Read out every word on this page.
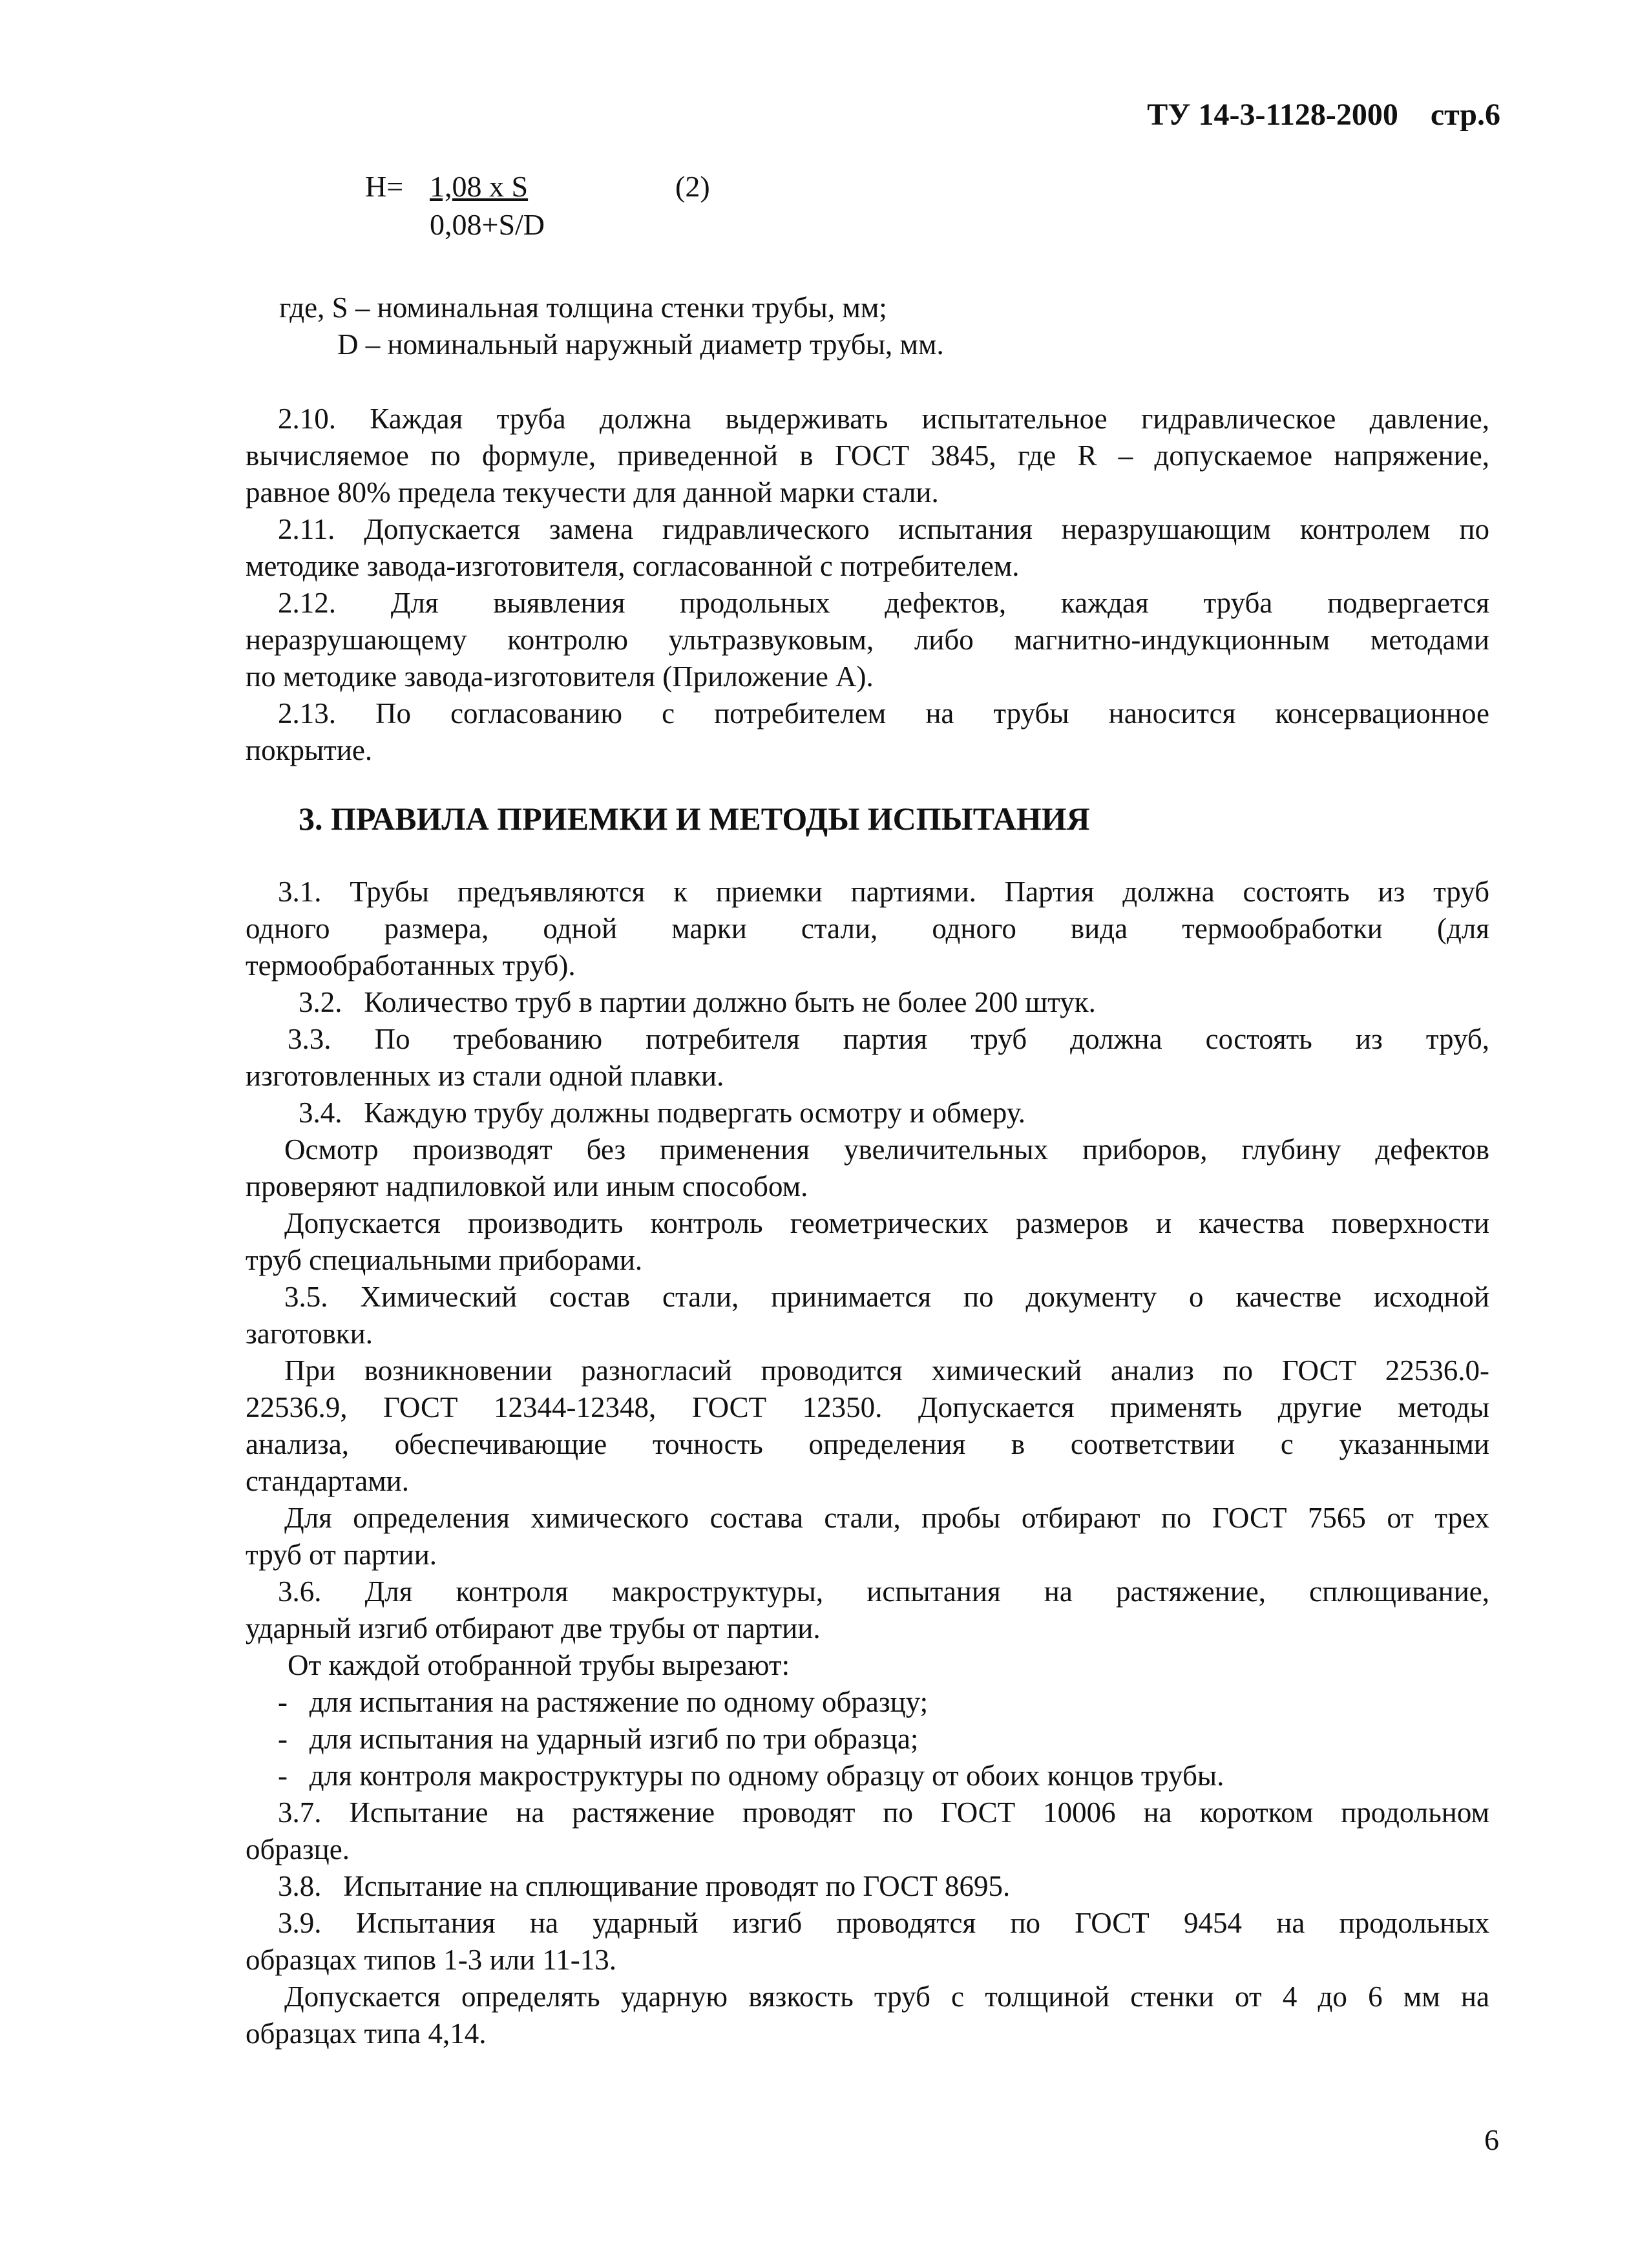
ТУ 14-3-1128-2000 стр.6
H= 1,08 x S	(2)
0,08+S/D
где, S – номинальная толщина стенки трубы, мм;
D – номинальный наружный диаметр трубы, мм.
2.10. Каждая труба должна выдерживать испытательное гидравлическое давление,
вычисляемое по формуле, приведенной в ГОСТ 3845, где R – допускаемое напряжение,
равное 80% предела текучести для данной марки стали.
2.11. Допускается замена гидравлического испытания неразрушающим контролем по
методике завода-изготовителя, согласованной с потребителем.
2.12. Для выявления продольных дефектов, каждая труба подвергается
неразрушающему контролю ультразвуковым, либо магнитно-индукционным методами
по методике завода-изготовителя (Приложение А).
2.13. По согласованию с потребителем на трубы наносится консервационное
покрытие.
3. ПРАВИЛА ПРИЕМКИ И МЕТОДЫ ИСПЫТАНИЯ
3.1. Трубы предъявляются к приемки партиями. Партия должна состоять из труб
одного размера, одной марки стали, одного вида термообработки (для
термообработанных труб).
3.2.   Количество труб в партии должно быть не более 200 штук.
3.3. По требованию потребителя партия труб должна состоять из труб,
изготовленных из стали одной плавки.
3.4.   Каждую трубу должны подвергать осмотру и обмеру.
Осмотр производят без применения увеличительных приборов, глубину дефектов
проверяют надпиловкой или иным способом.
Допускается производить контроль геометрических размеров и качества поверхности
труб специальными приборами.
3.5. Химический состав стали, принимается по документу о качестве исходной
заготовки.
При возникновении разногласий проводится химический анализ по ГОСТ 22536.0-
22536.9, ГОСТ 12344-12348, ГОСТ 12350. Допускается применять другие методы
анализа, обеспечивающие точность определения в соответствии с указанными
стандартами.
Для определения химического состава стали, пробы отбирают по ГОСТ 7565 от трех
труб от партии.
3.6. Для контроля макроструктуры, испытания на растяжение, сплющивание,
ударный изгиб отбирают две трубы от партии.
От каждой отобранной трубы вырезают:
-   для испытания на растяжение по одному образцу;
-   для испытания на ударный изгиб по три образца;
-   для контроля макроструктуры по одному образцу от обоих концов трубы.
3.7. Испытание на растяжение проводят по ГОСТ 10006 на коротком продольном
образце.
3.8.   Испытание на сплющивание проводят по ГОСТ 8695.
3.9. Испытания на ударный изгиб проводятся по ГОСТ 9454 на продольных
образцах типов 1-3 или 11-13.
Допускается определять ударную вязкость труб с толщиной стенки от 4 до 6 мм на
образцах типа 4,14.
6
